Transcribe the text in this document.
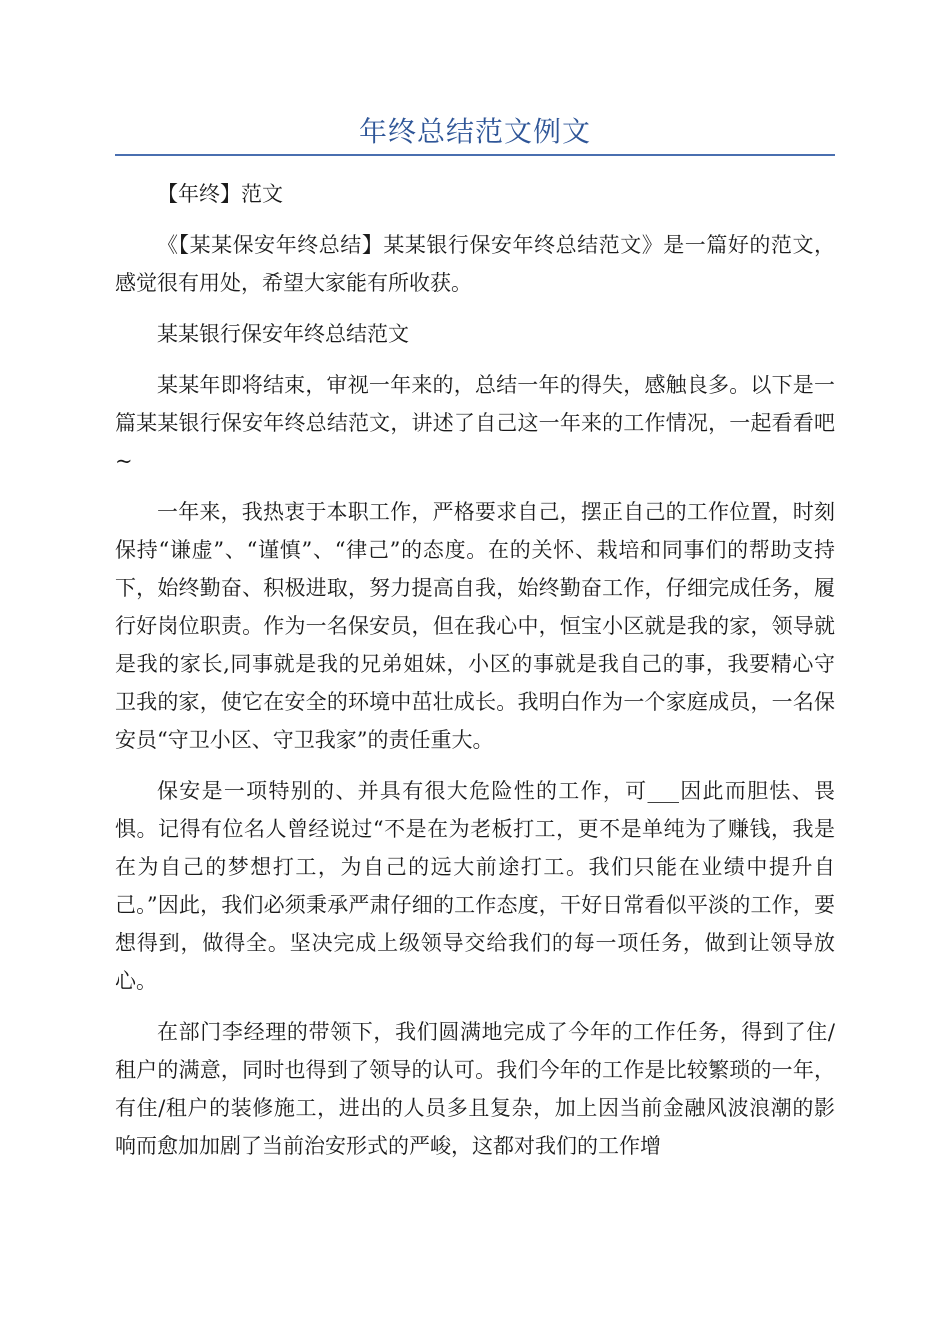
年终总结范文例文

【年终】范文

《【某某保安年终总结】某某银行保安年终总结范文》是一篇好的范文，感觉很有用处，希望大家能有所收获。

某某银行保安年终总结范文

某某年即将结束，审视一年来的，总结一年的得失，感触良多。以下是一篇某某银行保安年终总结范文，讲述了自己这一年来的工作情况，一起看看吧~

一年来，我热衷于本职工作，严格要求自己，摆正自己的工作位置，时刻保持“谦虚”、“谨慎”、“律己”的态度。在的关怀、栽培和同事们的帮助支持下，始终勤奋、积极进取，努力提高自我，始终勤奋工作，仔细完成任务，履行好岗位职责。作为一名保安员，但在我心中，恒宝小区就是我的家，领导就是我的家长,同事就是我的兄弟姐妹，小区的事就是我自己的事，我要精心守卫我的家，使它在安全的环境中茁壮成长。我明白作为一个家庭成员，一名保安员“守卫小区、守卫我家”的责任重大。

保安是一项特别的、并具有很大危险性的工作，可___因此而胆怯、畏惧。记得有位名人曾经说过“不是在为老板打工，更不是单纯为了赚钱，我是在为自己的梦想打工，为自己的远大前途打工。我们只能在业绩中提升自己。”因此，我们必须秉承严肃仔细的工作态度，干好日常看似平淡的工作，要想得到，做得全。坚决完成上级领导交给我们的每一项任务，做到让领导放心。

在部门李经理的带领下，我们圆满地完成了今年的工作任务，得到了住/租户的满意，同时也得到了领导的认可。我们今年的工作是比较繁琐的一年，有住/租户的装修施工，进出的人员多且复杂，加上因当前金融风波浪潮的影响而愈加加剧了当前治安形式的严峻，这都对我们的工作增
